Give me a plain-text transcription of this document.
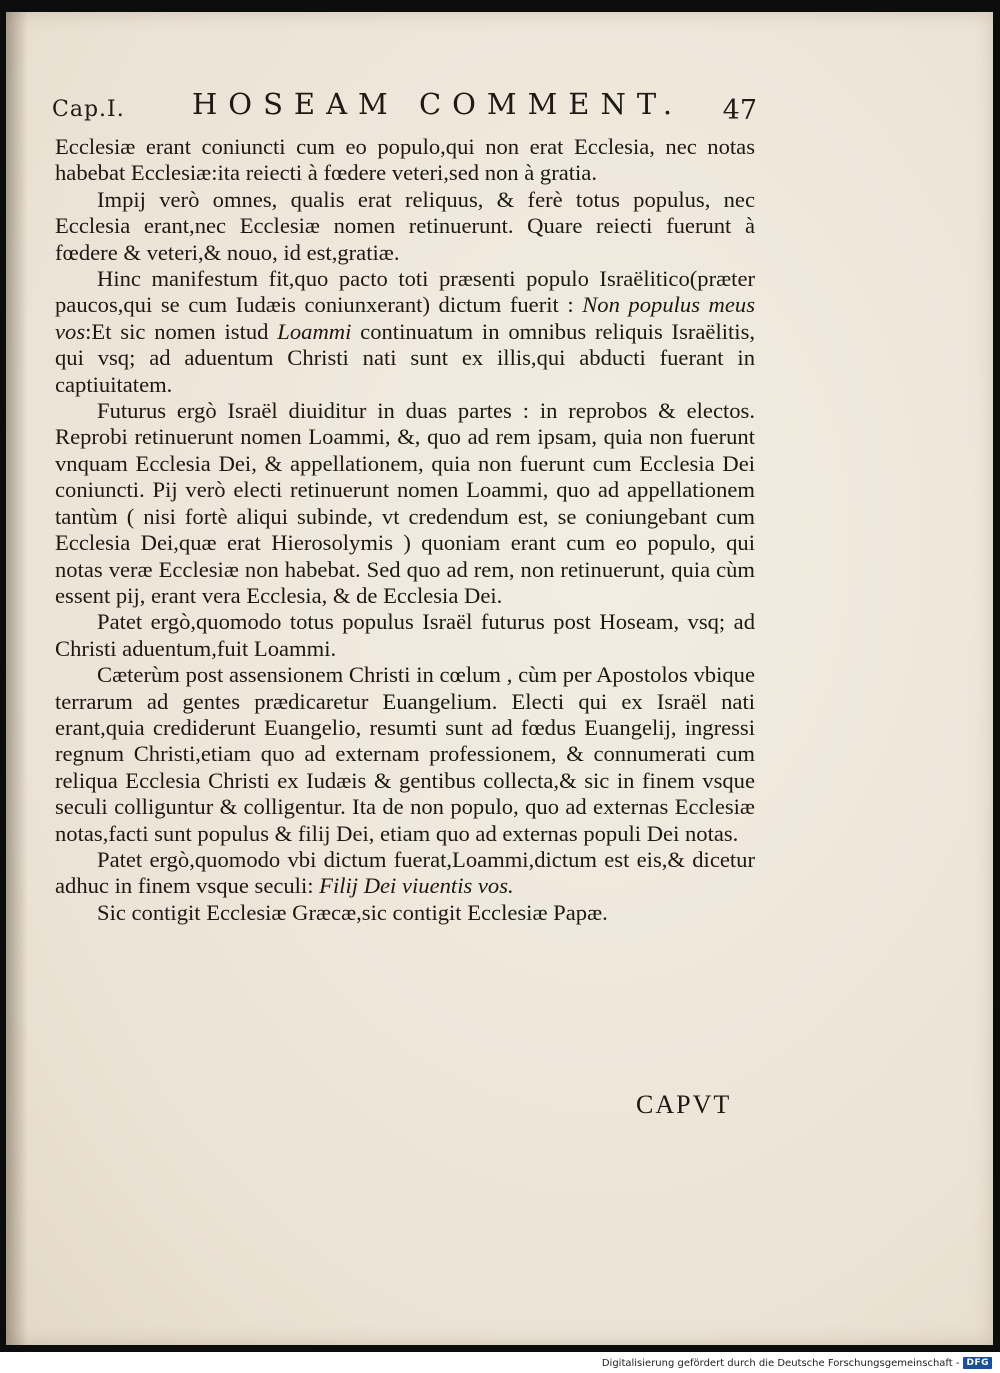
Cap.I. HOSEAM COMMENT. 47

Ecclesiæ erant coniuncti cum eo populo,qui non erat Ecclesia, nec notas habebat Ecclesiæ:ita reiecti à fœdere veteri,sed non à gratia.

Impij verò omnes, qualis erat reliquus, & ferè totus populus, nec Ecclesia erant,nec Ecclesiæ nomen retinuerunt. Quare reiecti fuerunt à fœdere & veteri,& nouo, id est,gratiæ.

Hinc manifestum fit,quo pacto toti præsenti populo Israëlitico(præter paucos,qui se cum Iudæis coniunxerant) dictum fuerit : Non populus meus vos:Et sic nomen istud Loammi continuatum in omnibus reliquis Israëlitis, qui vsq; ad aduentum Christi nati sunt ex illis,qui abducti fuerant in captiuitatem.

Futurus ergò Israël diuiditur in duas partes : in reprobos & electos. Reprobi retinuerunt nomen Loammi, &, quo ad rem ipsam, quia non fuerunt vnquam Ecclesia Dei, & appellationem, quia non fuerunt cum Ecclesia Dei coniuncti. Pij verò electi retinuerunt nomen Loammi, quo ad appellationem tantùm ( nisi fortè aliqui subinde, vt credendum est, se coniungebant cum Ecclesia Dei,quæ erat Hierosolymis ) quoniam erant cum eo populo, qui notas veræ Ecclesiæ non habebat. Sed quo ad rem, non retinuerunt, quia cùm essent pij, erant vera Ecclesia, & de Ecclesia Dei.

Patet ergò,quomodo totus populus Israël futurus post Hoseam, vsq; ad Christi aduentum,fuit Loammi.

Cæterùm post assensionem Christi in cœlum , cùm per Apostolos vbique terrarum ad gentes prædicaretur Euangelium. Electi qui ex Israël nati erant,quia crediderunt Euangelio, resumti sunt ad fœdus Euangelij, ingressi regnum Christi,etiam quo ad externam professionem, & connumerati cum reliqua Ecclesia Christi ex Iudæis & gentibus collecta,& sic in finem vsque seculi colliguntur & colligentur. Ita de non populo, quo ad externas Ecclesiæ notas,facti sunt populus & filij Dei, etiam quo ad externas populi Dei notas.

Patet ergò,quomodo vbi dictum fuerat,Loammi,dictum est eis,& dicetur adhuc in finem vsque seculi: Filij Dei viuentis vos.

Sic contigit Ecclesiæ Græcæ,sic contigit Ecclesiæ Papæ.

CAPVT
Digitalisierung gefördert durch die Deutsche Forschungsgemeinschaft - DFG
